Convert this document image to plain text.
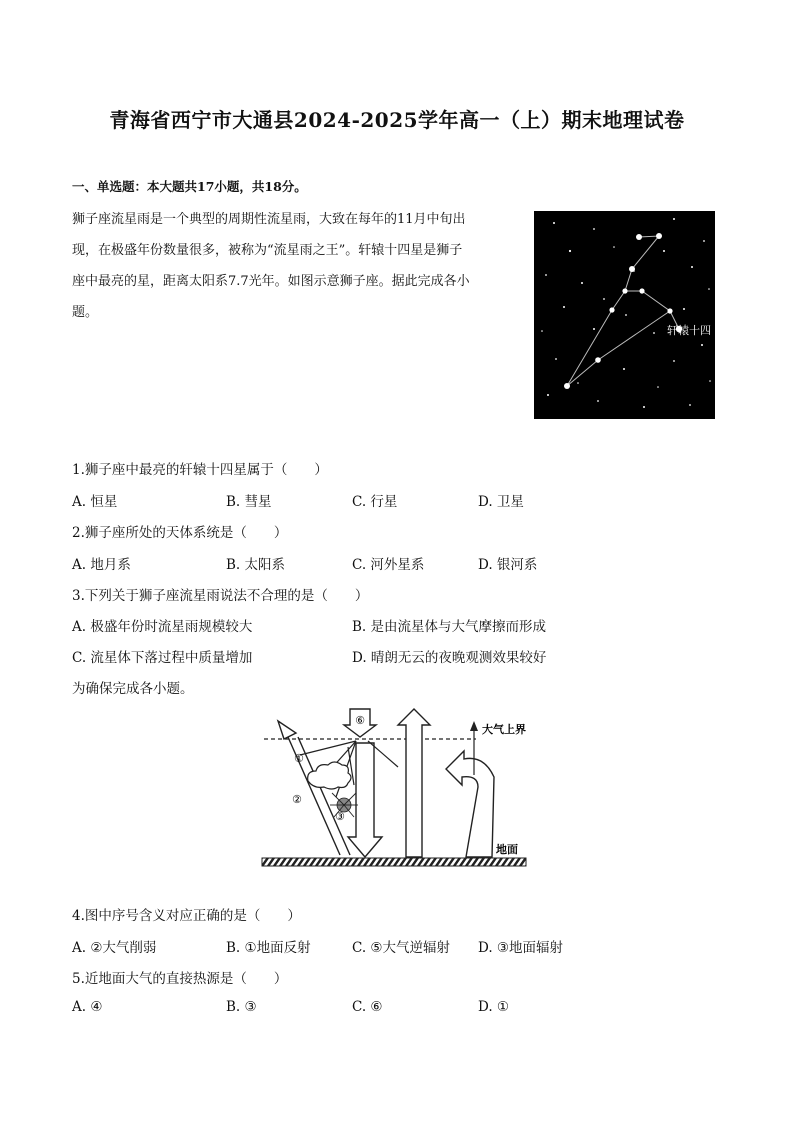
青海省西宁市大通县2024-2025学年高一（上）期末地理试卷
一、单选题：本大题共17小题，共18分。
狮子座流星雨是一个典型的周期性流星雨，大致在每年的11月中旬出
现，在极盛年份数量很多，被称为“流星雨之王”。轩辕十四星是狮子
座中最亮的星，距离太阳系7.7光年。如图示意狮子座。据此完成各小
题。
轩辕十四
1.狮子座中最亮的轩辕十四星属于（　　）
A. 恒星	B. 彗星	C. 行星	D. 卫星
2.狮子座所处的天体系统是（　　）
A. 地月系	B. 太阳系	C. 河外星系	D. 银河系
3.下列关于狮子座流星雨说法不合理的是（　　）
A. 极盛年份时流星雨规模较大	B. 是由流星体与大气摩擦而形成
C. 流星体下落过程中质量增加	D. 晴朗无云的夜晚观测效果较好
为确保完成各小题。
大气上界
地面
⑥
①
②
③
4.图中序号含义对应正确的是（　　）
A. ②大气削弱	B. ①地面反射	C. ⑤大气逆辐射 D. ③地面辐射
5.近地面大气的直接热源是（　　）
A. ④	B. ③	C. ⑥	D. ①
